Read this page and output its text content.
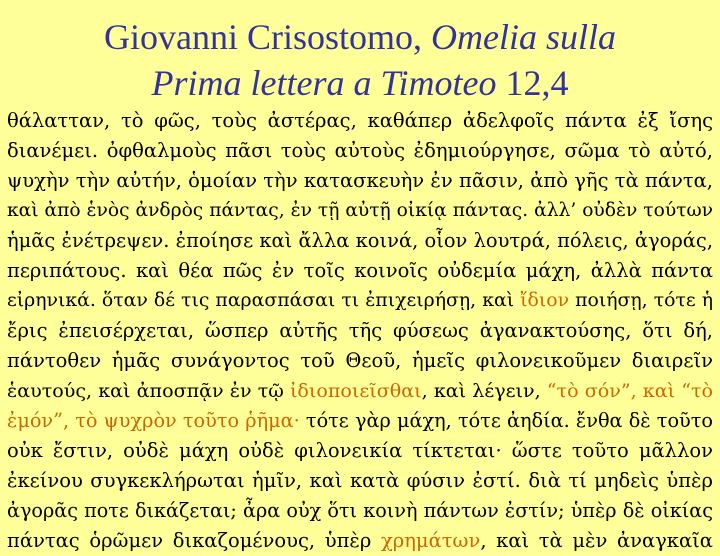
Giovanni Crisostomo, Omelia sulla
Prima lettera a Timoteo 12,4
θάλατταν, τὸ φῶς, τοὺς ἀστέρας, καθάπερ ἀδελφοῖς πάντα ἐξ ἴσης
διανέμει. ὀφθαλμοὺς πᾶσι τοὺς αὐτοὺς ἐδημιούργησε, σῶμα τὸ αὐτό,
ψυχὴν τὴν αὐτήν, ὁμοίαν τὴν κατασκευὴν ἐν πᾶσιν, ἀπὸ γῆς τὰ πάντα,
καὶ ἀπὸ ἑνὸς ἀνδρὸς πάντας, ἐν τῇ αὐτῇ οἰκίᾳ πάντας. ἀλλ’ οὐδὲν τούτων
ἡμᾶς ἐνέτρεψεν. ἐποίησε καὶ ἄλλα κοινά, οἷον λουτρά, πόλεις, ἀγοράς,
περιπάτους. καὶ θέα πῶς ἐν τοῖς κοινοῖς οὐδεμία μάχη, ἀλλὰ πάντα
εἰρηνικά. ὅταν δέ τις παρασπάσαι τι ἐπιχειρήσῃ, καὶ ἴδιον ποιήσῃ, τότε ἡ
ἔρις ἐπεισέρχεται, ὥσπερ αὐτῆς τῆς φύσεως ἀγανακτούσης, ὅτι δή,
πάντοθεν ἡμᾶς συνάγοντος τοῦ Θεοῦ, ἡμεῖς φιλονεικοῦμεν διαιρεῖν
ἑαυτούς, καὶ ἀποσπᾷν ἐν τῷ ἰδιοποιεῖσθαι, καὶ λέγειν, “τὸ σόν”, καὶ “τὸ
ἐμόν”, τὸ ψυχρὸν τοῦτο ῥῆμα· τότε γὰρ μάχη, τότε ἀηδία. ἔνθα δὲ τοῦτο
οὐκ ἔστιν, οὐδὲ μάχη οὐδὲ φιλονεικία τίκτεται· ὥστε τοῦτο μᾶλλον
ἐκείνου συγκεκλήρωται ἡμῖν, καὶ κατὰ φύσιν ἐστί. διὰ τί μηδεὶς ὑπὲρ
ἀγορᾶς ποτε δικάζεται; ἆρα οὐχ ὅτι κοινὴ πάντων ἐστίν; ὑπὲρ δὲ οἰκίας
πάντας ὁρῶμεν δικαζομένους, ὑπὲρ χρημάτων, καὶ τὰ μὲν ἀναγκαῖα
